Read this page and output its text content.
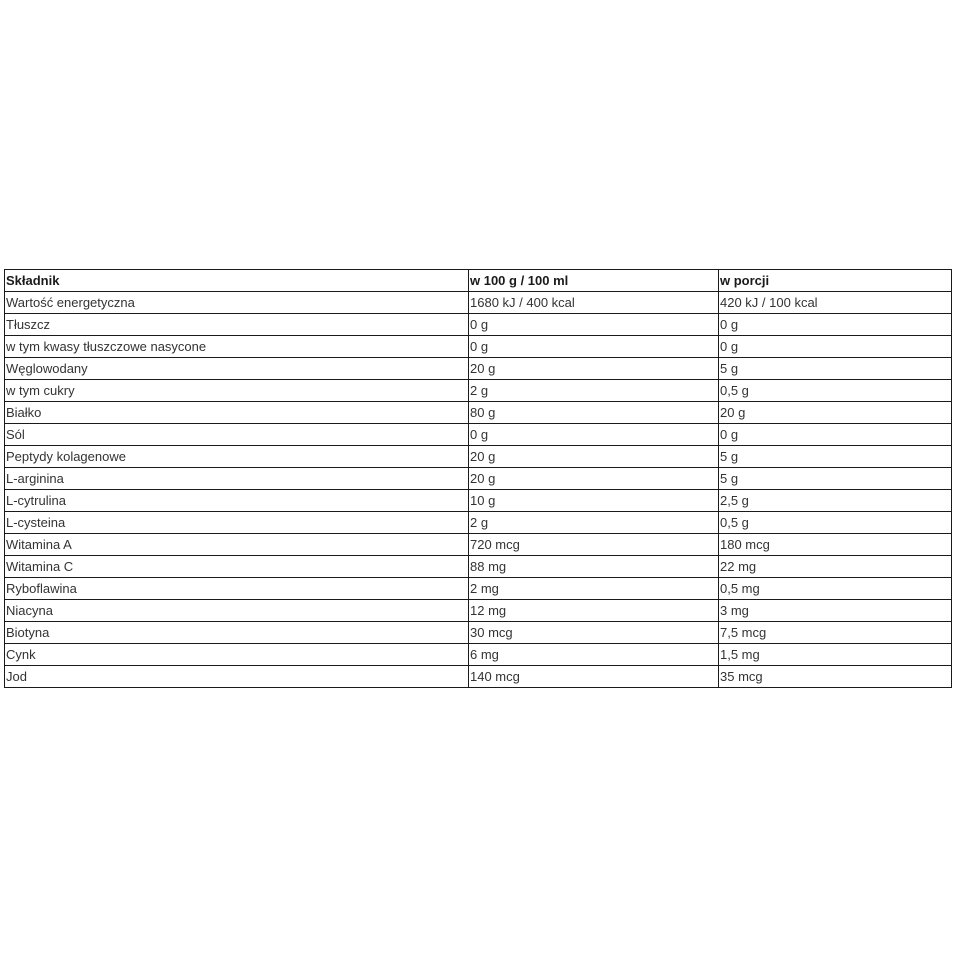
Składnik	w 100 g / 100 ml	w porcji
Wartość energetyczna	1680 kJ / 400 kcal	420 kJ / 100 kcal
Tłuszcz	0 g	0 g
w tym kwasy tłuszczowe nasycone	0 g	0 g
Węglowodany	20 g	5 g
w tym cukry	2 g	0,5 g
Białko	80 g	20 g
Sól	0 g	0 g
Peptydy kolagenowe	20 g	5 g
L-arginina	20 g	5 g
L-cytrulina	10 g	2,5 g
L-cysteina	2 g	0,5 g
Witamina A	720 mcg	180 mcg
Witamina C	88 mg	22 mg
Ryboflawina	2 mg	0,5 mg
Niacyna	12 mg	3 mg
Biotyna	30 mcg	7,5 mcg
Cynk	6 mg	1,5 mg
Jod	140 mcg	35 mcg
